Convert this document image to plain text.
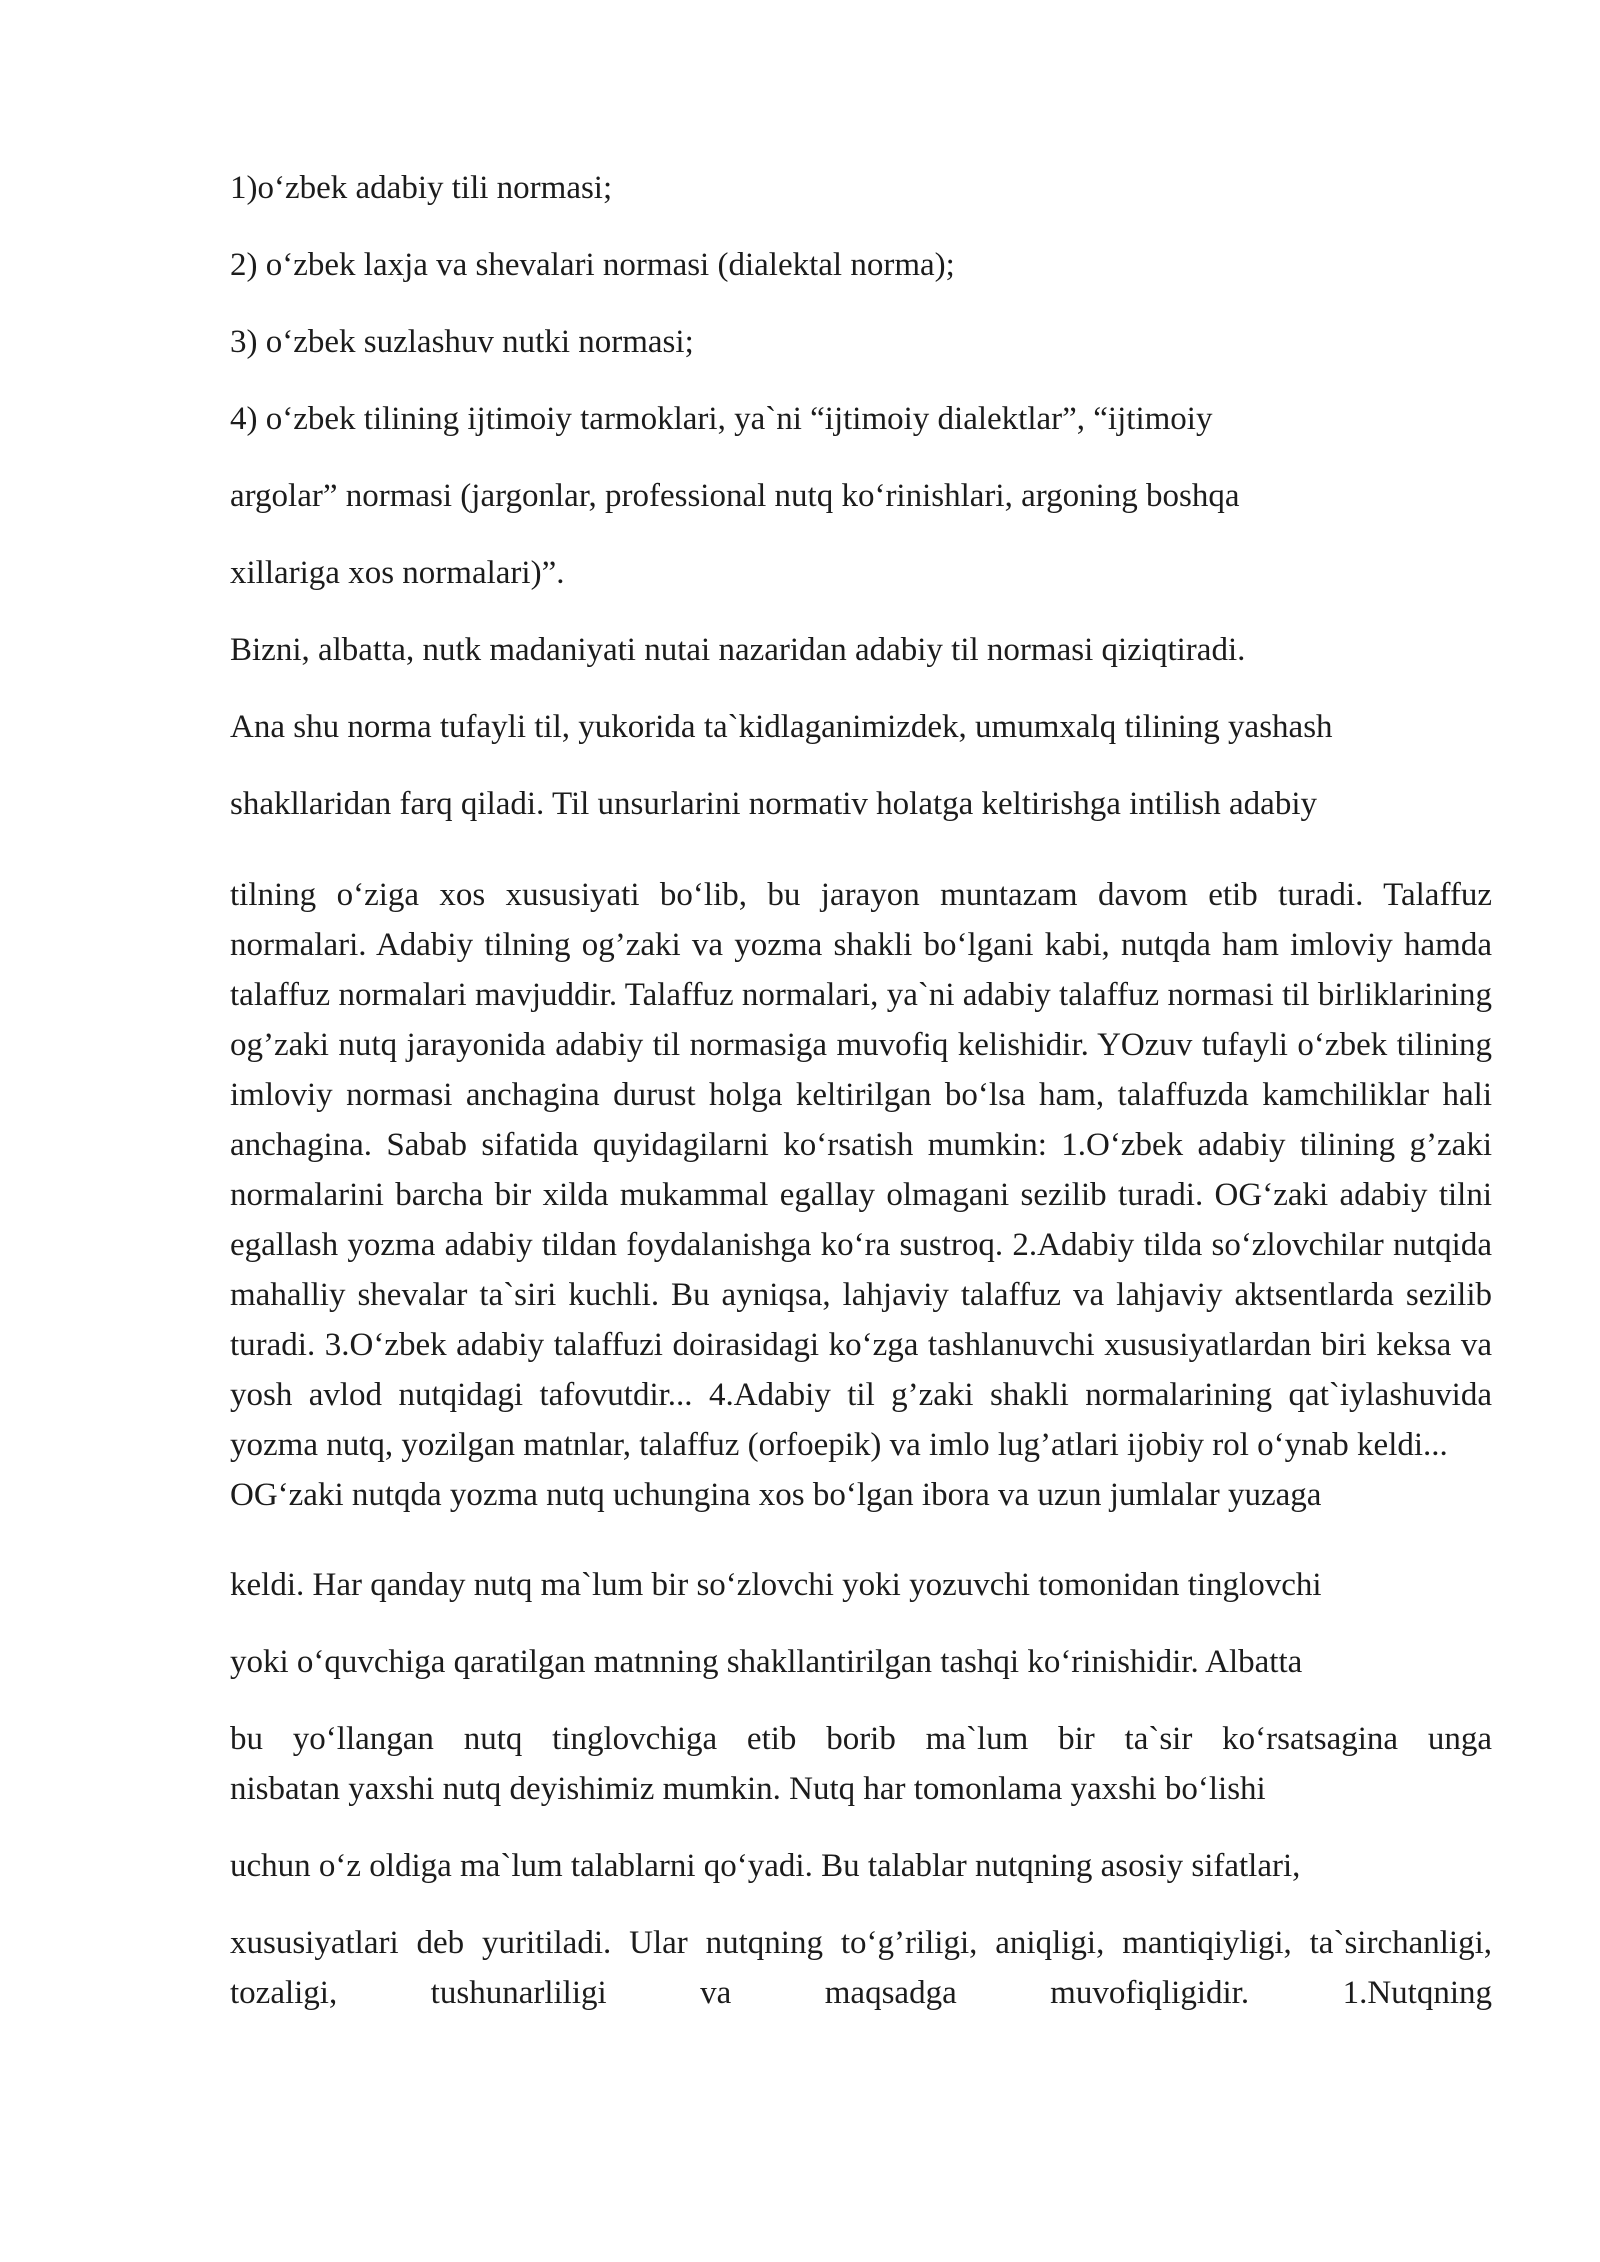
1)o‘zbek adabiy tili normasi;

2) o‘zbek laxja va shevalari normasi (dialektal norma);

3) o‘zbek suzlashuv nutki normasi;

4) o‘zbek tilining ijtimoiy tarmoklari, ya`ni “ijtimoiy dialektlar”, “ijtimoiy

argolar” normasi (jargonlar, professional nutq ko‘rinishlari, argoning boshqa

xillariga xos normalari)”.

Bizni, albatta, nutk madaniyati nutai nazaridan adabiy til normasi qiziqtiradi.

Ana shu norma tufayli til, yukorida ta`kidlaganimizdek, umumxalq tilining yashash

shakllaridan farq qiladi. Til unsurlarini normativ holatga keltirishga intilish adabiy

tilning o‘ziga xos xususiyati bo‘lib, bu jarayon muntazam davom etib turadi. Talaffuz normalari. Adabiy tilning og’zaki va yozma shakli bo‘lgani kabi, nutqda ham imloviy hamda talaffuz normalari mavjuddir. Talaffuz normalari, ya`ni adabiy talaffuz normasi til birliklarining og’zaki nutq jarayonida adabiy til normasiga muvofiq kelishidir. YOzuv tufayli o‘zbek tilining imloviy normasi anchagina durust holga keltirilgan bo‘lsa ham, talaffuzda kamchiliklar hali anchagina. Sabab sifatida quyidagilarni ko‘rsatish mumkin: 1.O‘zbek adabiy tilining g’zaki normalarini barcha bir xilda mukammal egallay olmagani sezilib turadi. OG‘zaki adabiy tilni egallash yozma adabiy tildan foydalanishga ko‘ra sustroq. 2.Adabiy tilda so‘zlovchilar nutqida mahalliy shevalar ta`siri kuchli. Bu ayniqsa, lahjaviy talaffuz va lahjaviy aktsentlarda sezilib turadi. 3.O‘zbek adabiy talaffuzi doirasidagi ko‘zga tashlanuvchi xususiyatlardan biri keksa va yosh avlod nutqidagi tafovutdir... 4.Adabiy til g’zaki shakli normalarining qat`iylashuvida yozma nutq, yozilgan matnlar, talaffuz (orfoepik) va imlo lug’atlari ijobiy rol o‘ynab keldi...

OG‘zaki nutqda yozma nutq uchungina xos bo‘lgan ibora va uzun jumlalar yuzaga

keldi. Har qanday nutq ma`lum bir so‘zlovchi yoki yozuvchi tomonidan tinglovchi

yoki o‘quvchiga qaratilgan matnning shakllantirilgan tashqi ko‘rinishidir. Albatta

bu yo‘llangan nutq tinglovchiga etib borib ma`lum bir ta`sir ko‘rsatsagina unga

nisbatan yaxshi nutq deyishimiz mumkin. Nutq har tomonlama yaxshi bo‘lishi

uchun o‘z oldiga ma`lum talablarni qo‘yadi. Bu talablar nutqning asosiy sifatlari,

xususiyatlari deb yuritiladi. Ular nutqning to‘g’riligi, aniqligi, mantiqiyligi, ta`sirchanligi, tozaligi, tushunarliligi va maqsadga muvofiqligidir. 1.Nutqning
